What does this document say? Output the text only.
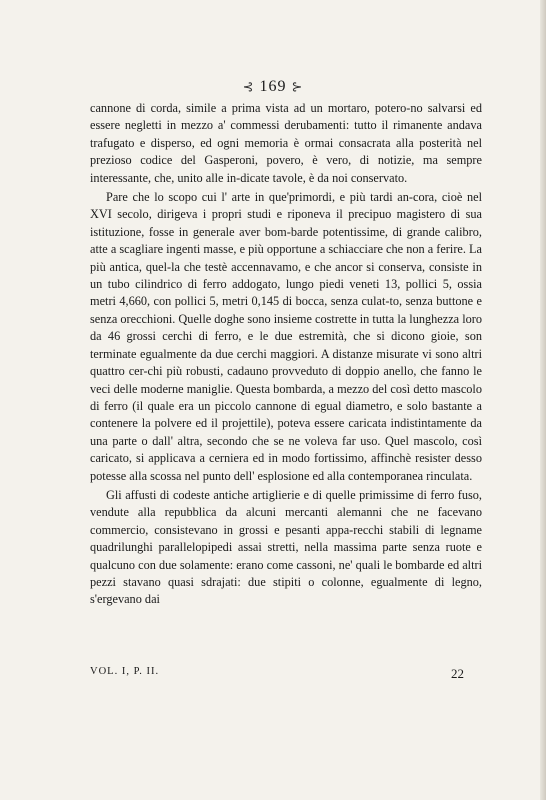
⊰ 169 ⊱

cannone di corda, simile a prima vista ad un mortaro, potero-no salvarsi ed essere negletti in mezzo a' commessi derubamenti: tutto il rimanente andava trafugato e disperso, ed ogni memoria è ormai consacrata alla posterità nel prezioso codice del Gasperoni, povero, è vero, di notizie, ma sempre interessante, che, unito alle in-dicate tavole, è da noi conservato.

Pare che lo scopo cui l' arte in que'primordi, e più tardi an-cora, cioè nel XVI secolo, dirigeva i propri studi e riponeva il precipuo magistero di sua istituzione, fosse in generale aver bom-barde potentissime, di grande calibro, atte a scagliare ingenti masse, e più opportune a schiacciare che non a ferire. La più antica, quel-la che testè accennavamo, e che ancor si conserva, consiste in un tubo cilindrico di ferro addogato, lungo piedi veneti 13, pollici 5, ossia metri 4,660, con pollici 5, metri 0,145 di bocca, senza culat-to, senza buttone e senza orecchioni. Quelle doghe sono insieme costrette in tutta la lunghezza loro da 46 grossi cerchi di ferro, e le due estremità, che si dicono gioie, son terminate egualmente da due cerchi maggiori. A distanze misurate vi sono altri quattro cer-chi più robusti, cadauno provveduto di doppio anello, che fanno le veci delle moderne maniglie. Questa bombarda, a mezzo del così detto mascolo di ferro (il quale era un piccolo cannone di egual diametro, e solo bastante a contenere la polvere ed il projettile), poteva essere caricata indistintamente da una parte o dall' altra, secondo che se ne voleva far uso. Quel mascolo, così caricato, si applicava a cerniera ed in modo fortissimo, affinchè resister desso potesse alla scossa nel punto dell' esplosione ed alla contemporanea rinculata.

Gli affusti di codeste antiche artiglierie e di quelle primissime di ferro fuso, vendute alla repubblica da alcuni mercanti alemanni che ne facevano commercio, consistevano in grossi e pesanti appa-recchi stabili di legname quadrilunghi parallelopipedi assai stretti, nella massima parte senza ruote e qualcuno con due solamente: erano come cassoni, ne' quali le bombarde ed altri pezzi stavano quasi sdrajati: due stipiti o colonne, egualmente di legno, s'ergevano dai

VOL. I, P. II.	22
